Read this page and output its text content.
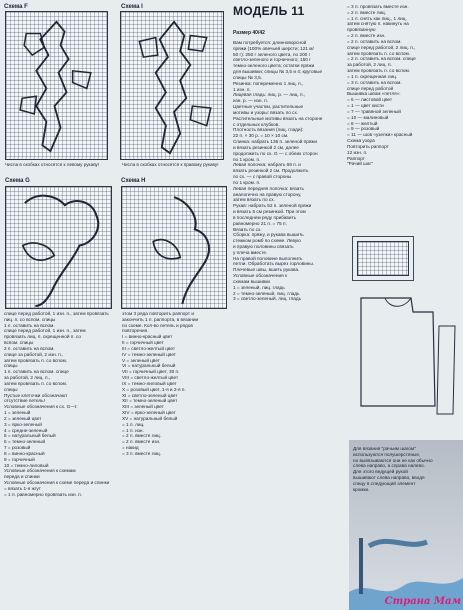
Схема F	Схема I
Числа в скобках относятся к левому рукаву!	Числа в скобках относятся к правому рукаву!
Схема G	Схема H
спице перед работой, 1 изн. п., затем провязать лиц. п. со вспом. спицы
1 п. оставить на вспом.
спице перед работой, 1 изн. п., затем
провязать лиц. п. скрещенной п. со
вспом. спицы
2 п. оставить на вспом.
спице за работой, 2 изн. п.,
затем провязать п. со вспом.
спицы
1 п. оставить на вспом. спице
за работой, 2 лиц. п.,
затем провязать п. со вспом.
спицы
Пустые клеточки обозначают
отсутствие петель!
Условные обозначения к сх. G—I:
1 = зеленый
2 = зеленый цвет
3 = ярко-зеленый
4 = средне-зеленый
5 = натуральный белый
6 = темно-зеленый
7 = розовый
8 = винно-красный
9 = горчичный
10 = темно-лиловый
Условные обозначения к схемам
переда и спинки
Условные обозначения к схеме переда и спинки
= вязать 1-я жгут
= 1 п. равномерно провязать изн. п.
этом 3 ряда повторить раппорт и
закончить 1 п. раппорта, в вязании
по схеме. Кол-во петель и рядов
повторения.
I = винно-красный цвет
II = горчичный цвет
III = светло-желтый цвет
IV = темно-зеленый цвет
V = зеленый цвет
VI = натуральный белый
VII = горчичный цвет, 30 п.
VIII = светло-желтый цвет
IX = темно-лиловый цвет
X = розовый цвет, 1-я и 2-я п.
XI = светло-зеленый цвет
XII = темно-зеленый цвет
XIII = зеленый цвет
XIV = ярко-зеленый цвет
XV = натуральный белый
= 1 п. лиц.
= 1 п. изн.
= 2 п. вместе лиц.
= 2 п. вместе изн.
= накид
= 3 п. вместе лиц.
МОДЕЛЬ 11
Размер 40/42
Вам потребуется: длинноворсной
пряжи (100% овечьей шерсти; 121 м/
50 г): 250 г зеленого цвета, по 200 г
светло-зеленого и горчичного; 150 г
темно-зеленого цвета; остатки пряжи
для вышивки; спицы № 3,5 и 4; круговые
спицы № 3,5.
Резинка: попеременно 1 лиц. п.,
1 изн. п.
Лицевая гладь: лиц. р. — лиц. п.,
изн. р. — изн. п.
Цветные участки, растительные
мотивы и узоры: вязать по сх.
Растительные мотивы вязать на стороне
с отдельных клубков.
Плотность вязания (лиц. глади):
22 п. × 30 р. = 10 × 10 см.
Спинка: набрать 136 п. зеленой пряжи
и вязать резинкой 2 см, далее
продолжить по сх. G — с обеих сторон
по 1 кром. п.
Левая полочка: набрать 69 п. и
вязать резинкой 2 см. Продолжить
по сх. — с правой стороны
по 1 кром. п.
Левая передняя полочка: вязать
аналогично на правую сторону,
затем вязать по сх.
Рукав: набрать 52 п. зеленой пряжи
и вязать 5 см резинкой. При этом
в последнем ряду прибавить
равномерно 21 п. = 75 п.
Вязать по сх.
Сборка: пряжу, и рукава вышить
стежком ромб по схеме. Левую
и правую половины связать
у плеча вместе.
На правой половине выполнить
петли. Обработать вырез горловины.
Плечевые швы, вшить рукава.
Условные обозначения к
схемам вышивки
1 = зеленый, лиц. гладь
2 = темно-зеленый, лиц. гладь
3 = светло-зеленый, лиц. гладь
= 3 п. провязать вместе изн.
= 2 п. вместе лиц.
= 1 п. снять как лиц., 1 лиц.
затем снятую п. накинуть на
провязанную
= 2 п. вместе изн.
= 2 п. оставить на вспом.
спице перед работой, 2 лиц. п.,
затем провязать п. со вспом.
= 2 п. оставить на вспом. спице
за работой, 2 лиц. п.
затем провязать п. со вспом.
= 1 п. скрещенная лиц.
= 3 п. оставить на вспом.
спице перед работой
Вышивка швом «петля»:
= 6 — листовой цвет
= 1 — цвет кисти
= 7 — травяной зеленый
= 10 — малиновый
= 8 — желтый
= 9 — розовый
= 11 — шов «узелки» красный
Схема узора
Повторить раппорт
12 изн. п.
Раппорт
"Рачий шаг"
Для вязания "рачьим шагом"
используются полушерстяные,
но вывязываются они не как обычно
слева направо, а справа налево.
Для этого ведущей рукой
вышивают слева направо, вводя
спицу в следующий элемент
кромки.
Страна Мам
